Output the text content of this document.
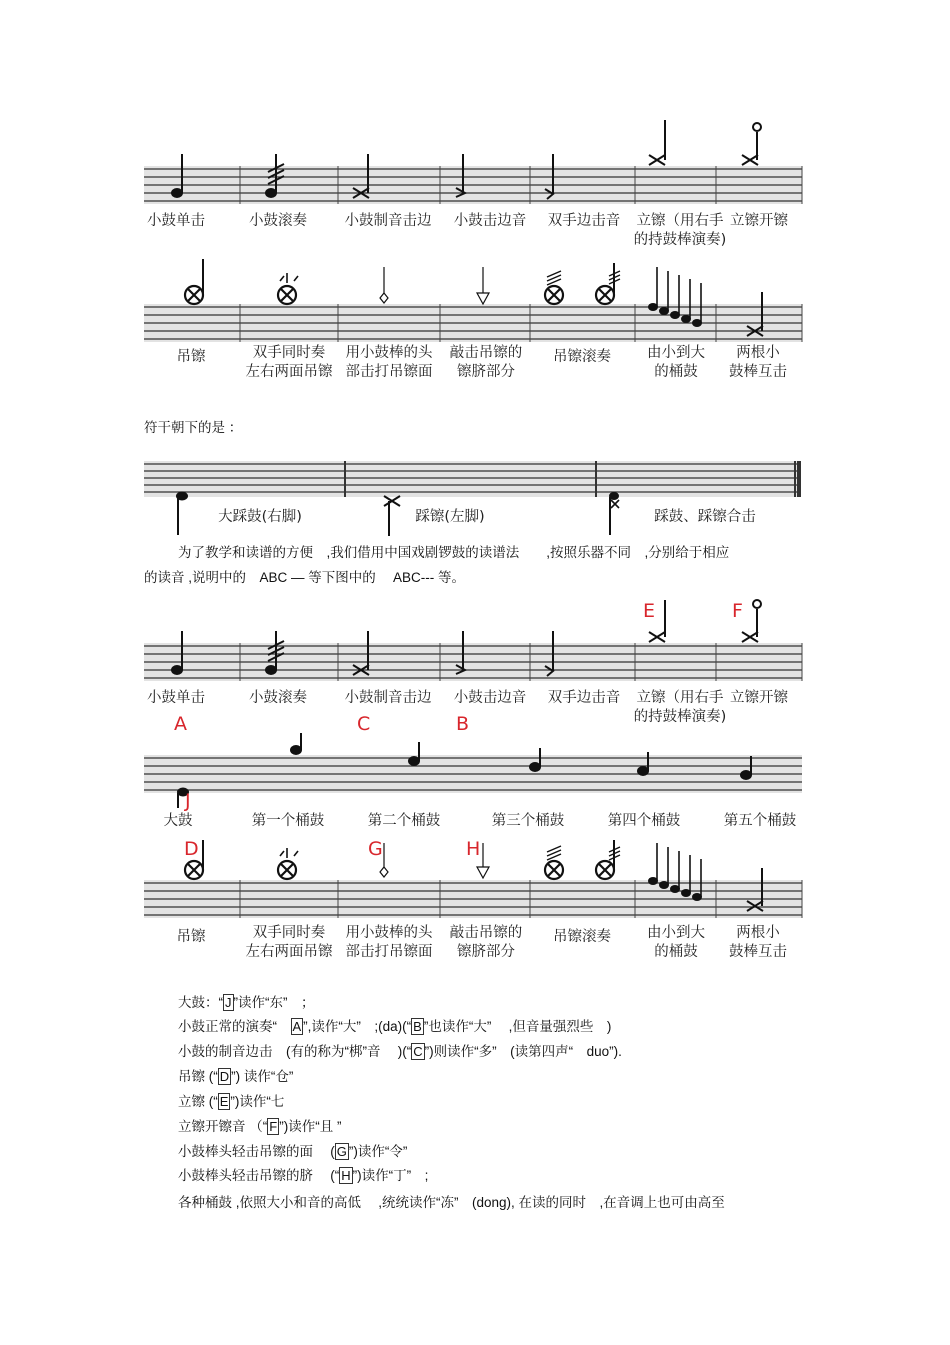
小鼓单击	小鼓滚奏	小鼓制音击边	小鼓击边音	双手边击音	立镲（用右手
的持鼓棒演奏)
立镲开镲
吊镲	双手同时奏
左右两面吊镲
用小鼓棒的头
部击打吊镲面
敲击吊镲的
镲脐部分
吊镲滚奏	由小到大
的桶鼓
两根小
鼓棒互击
符干朝下的是 ：
大踩鼓(右脚)	踩镲(左脚)	踩鼓、踩镲合击
为了教学和读谱的方便　,我们借用中国戏剧锣鼓的读谱法　　,按照乐器不同　,分别给于相应
的读音 ,说明中的　ABC — 等下图中的　 ABC--- 等。
E	F
小鼓单击	小鼓滚奏	小鼓制音击边	小鼓击边音	双手边击音	立镲（用右手
的持鼓棒演奏)
立镲开镲
A	C	B
J
大鼓	第一个桶鼓	第二个桶鼓	第三个桶鼓	第四个桶鼓	第五个桶鼓
D	G	H
吊镲	双手同时奏
左右两面吊镲
用小鼓棒的头
部击打吊镲面
敲击吊镲的
镲脐部分
吊镲滚奏	由小到大
的桶鼓
两根小
鼓棒互击
大鼓：“ J ”读作“东”　；
小鼓正常的演奏“　A ”,读作“大”　;(da)(“ B ”也读作“大”　 ,但音量强烈些　)
小鼓的制音边击　(有的称为“梆”音　 )(“ C ”)则读作“多”　(读第四声“　duo”).
吊镲 (“ D ”) 读作“仓”
立镲 (“ E ”)读作“七
立镲开镲音 （“ F ”)读作“且 ”
小鼓棒头轻击吊镲的面　 ( G ”)读作“令”
小鼓棒头轻击吊镲的脐　 (“ H ”)读作“丁”　;
各种桶鼓 ,依照大小和音的高低　 ,统统读作“冻”　(dong), 在读的同时　,在音调上也可由高至
